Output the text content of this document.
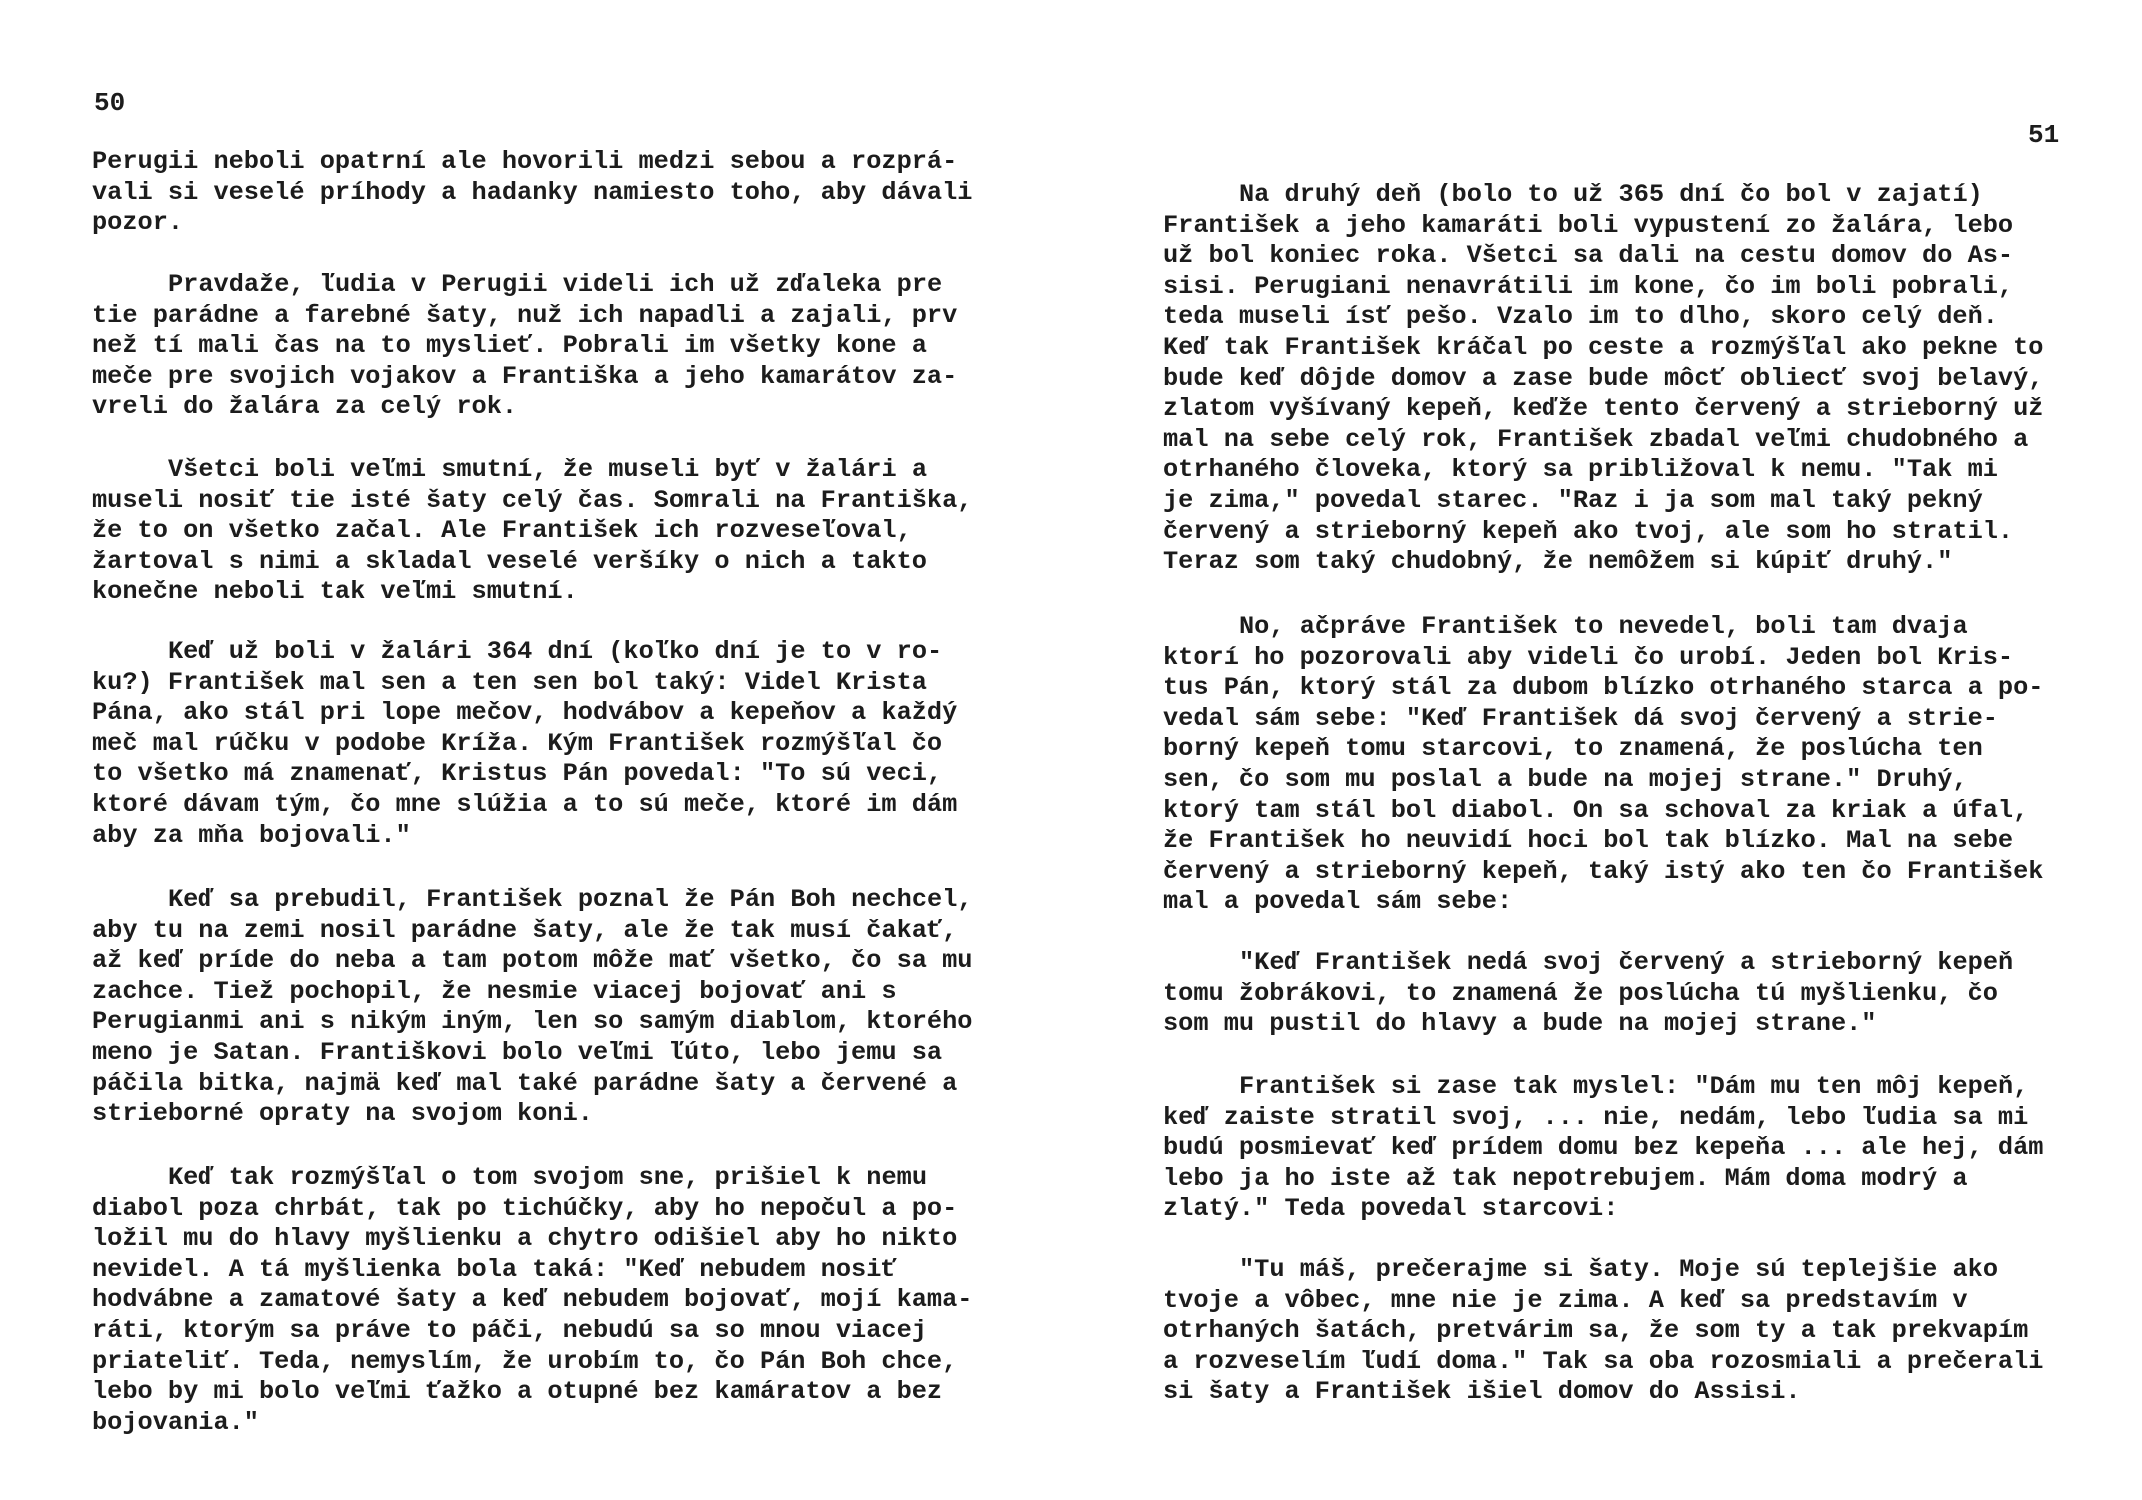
50

Perugii neboli opatrní ale hovorili medzi sebou a rozprá-
vali si veselé príhody a hadanky namiesto toho, aby dávali
pozor.

Pravdaže, ľudia v Perugii videli ich už zďaleka pre
tie parádne a farebné šaty, nuž ich napadli a zajali, prv
než tí mali čas na to myslieť. Pobrali im všetky kone a
meče pre svojich vojakov a Františka a jeho kamarátov za-
vreli do žalára za celý rok.

Všetci boli veľmi smutní, že museli byť v žalári a
museli nosiť tie isté šaty celý čas. Somrali na Františka,
že to on všetko začal. Ale František ich rozveseľoval,
žartoval s nimi a skladal veselé veršíky o nich a takto
konečne neboli tak veľmi smutní.

Keď už boli v žalári 364 dní (koľko dní je to v ro-
ku?) František mal sen a ten sen bol taký: Videl Krista
Pána, ako stál pri lope mečov, hodvábov a kepeňov a každý
meč mal rúčku v podobe Kríža. Kým František rozmýšľal čo
to všetko má znamenať, Kristus Pán povedal: "To sú veci,
ktoré dávam tým, čo mne slúžia a to sú meče, ktoré im dám
aby za mňa bojovali."

Keď sa prebudil, František poznal že Pán Boh nechcel,
aby tu na zemi nosil parádne šaty, ale že tak musí čakať,
až keď príde do neba a tam potom môže mať všetko, čo sa mu
zachce. Tiež pochopil, že nesmie viacej bojovať ani s
Perugianmi ani s nikým iným, len so samým diablom, ktorého
meno je Satan. Františkovi bolo veľmi ľúto, lebo jemu sa
páčila bitka, najmä keď mal také parádne šaty a červené a
strieborné opraty na svojom koni.

Keď tak rozmýšľal o tom svojom sne, prišiel k nemu
diabol poza chrbát, tak po tichúčky, aby ho nepočul a po-
ložil mu do hlavy myšlienku a chytro odišiel aby ho nikto
nevidel. A tá myšlienka bola taká: "Keď nebudem nosiť
hodvábne a zamatové šaty a keď nebudem bojovať, mojí kama-
ráti, ktorým sa práve to páči, nebudú sa so mnou viacej
priateliť. Teda, nemyslím, že urobím to, čo Pán Boh chce,
lebo by mi bolo veľmi ťažko a otupné bez kamáratov a bez
bojovania."

51

Na druhý deň (bolo to už 365 dní čo bol v zajatí)
František a jeho kamaráti boli vypustení zo žalára, lebo
už bol koniec roka. Všetci sa dali na cestu domov do As-
sisi. Perugiani nenavrátili im kone, čo im boli pobrali,
teda museli ísť pešo. Vzalo im to dlho, skoro celý deň.
Keď tak František kráčal po ceste a rozmýšľal ako pekne to
bude keď dôjde domov a zase bude môcť obliecť svoj belavý,
zlatom vyšívaný kepeň, keďže tento červený a strieborný už
mal na sebe celý rok, František zbadal veľmi chudobného a
otrhaného človeka, ktorý sa približoval k nemu. "Tak mi
je zima," povedal starec. "Raz i ja som mal taký pekný
červený a strieborný kepeň ako tvoj, ale som ho stratil.
Teraz som taký chudobný, že nemôžem si kúpiť druhý."

No, ačpráve František to nevedel, boli tam dvaja
ktorí ho pozorovali aby videli čo urobí. Jeden bol Kris-
tus Pán, ktorý stál za dubom blízko otrhaného starca a po-
vedal sám sebe: "Keď František dá svoj červený a strie-
borný kepeň tomu starcovi, to znamená, že poslúcha ten
sen, čo som mu poslal a bude na mojej strane." Druhý,
ktorý tam stál bol diabol. On sa schoval za kriak a úfal,
že František ho neuvidí hoci bol tak blízko. Mal na sebe
červený a strieborný kepeň, taký istý ako ten čo František
mal a povedal sám sebe:

"Keď František nedá svoj červený a strieborný kepeň
tomu žobrákovi, to znamená že poslúcha tú myšlienku, čo
som mu pustil do hlavy a bude na mojej strane."

František si zase tak myslel: "Dám mu ten môj kepeň,
keď zaiste stratil svoj, ... nie, nedám, lebo ľudia sa mi
budú posmievať keď prídem domu bez kepeňa ... ale hej, dám
lebo ja ho iste až tak nepotrebujem. Mám doma modrý a
zlatý." Teda povedal starcovi:

"Tu máš, prečerajme si šaty. Moje sú teplejšie ako
tvoje a vôbec, mne nie je zima. A keď sa predstavím v
otrhaných šatách, pretvárim sa, že som ty a tak prekvapím
a rozveselím ľudí doma." Tak sa oba rozosmiali a prečerali
si šaty a František išiel domov do Assisi.
